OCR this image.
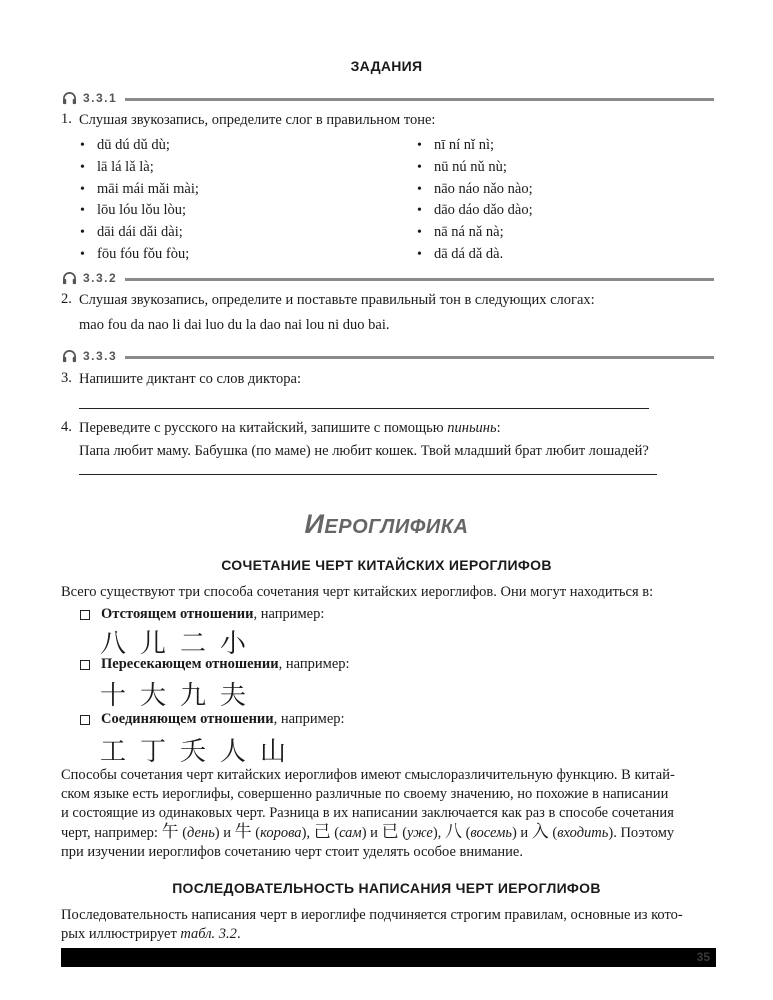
ЗАДАНИЯ
3.3.1
1. Слушая звукозапись, определите слог в правильном тоне:
• dū dú dǔ dù;
• lā lá lǎ là;
• māi mái mǎi mài;
• lōu lóu lǒu lòu;
• dāi dái dǎi dài;
• fōu fóu fǒu fòu;
• nī ní nǐ nì;
• nū nú nǔ nù;
• nāo náo nǎo nào;
• dāo dáo dǎo dào;
• nā ná nǎ nà;
• dā dá dǎ dà.
3.3.2
2. Слушая звукозапись, определите и поставьте правильный тон в следующих слогах:
mao fou da nao li dai luo du la dao nai lou ni duo bai.
3.3.3
3. Напишите диктант со слов диктора:
4. Переведите с русского на китайский, запишите с помощью пиньинь:
Папа любит маму. Бабушка (по маме) не любит кошек. Твой младший брат любит лошадей?
ИЕРОГЛИФИКА
СОЧЕТАНИЕ ЧЕРТ КИТАЙСКИХ ИЕРОГЛИФОВ
Всего существуют три способа сочетания черт китайских иероглифов. Они могут находиться в:
Отстоящем отношении , например:
八 儿 二 小
Пересекающем отношении , например:
十 大 九 夫
Соединяющем отношении , например:
工 丁 夭 人 山
Способы сочетания черт китайских иероглифов имеют смыслоразличительную функцию. В китай-
ском языке есть иероглифы, совершенно различные по своему значению, но похожие в написании
и состоящие из одинаковых черт. Разница в их написании заключается как раз в способе сочетания
черт, например: 午 (день) и 牛 (корова), 己 (сам) и 已 (уже), 八 (восемь) и 入 (входить). Поэтому
при изучении иероглифов сочетанию черт стоит уделять особое внимание.
ПОСЛЕДОВАТЕЛЬНОСТЬ НАПИСАНИЯ ЧЕРТ ИЕРОГЛИФОВ
Последовательность написания черт в иероглифе подчиняется строгим правилам, основные из кото-
рых иллюстрирует табл. 3.2.
35
